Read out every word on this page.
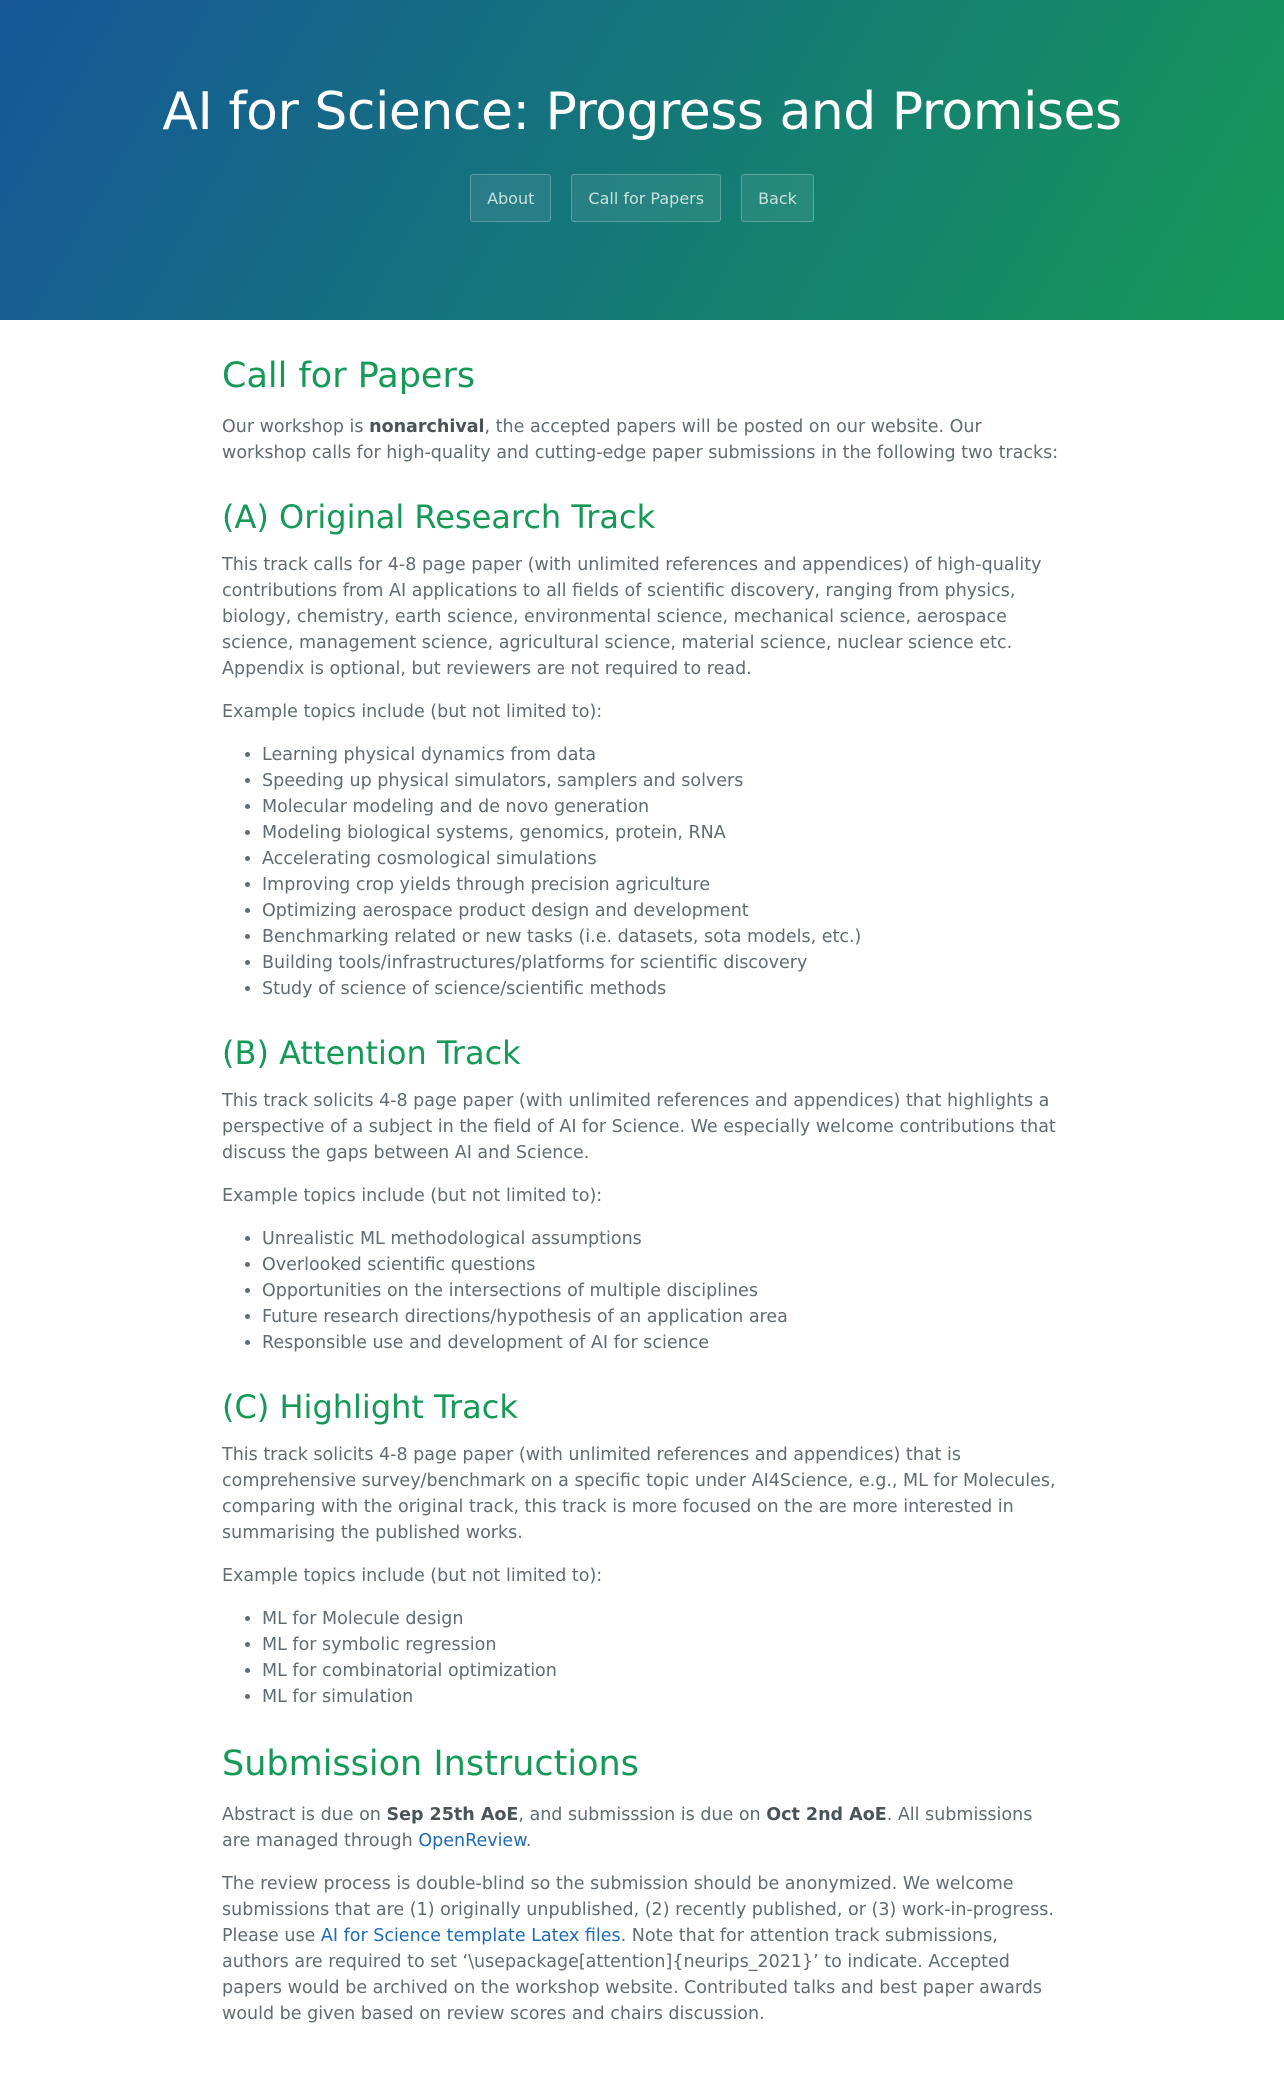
AI for Science: Progress and Promises
About	Call for Papers	Back
Call for Papers

Our workshop is nonarchival, the accepted papers will be posted on our website. Our workshop calls for high-quality and cutting-edge paper submissions in the following two tracks:

(A) Original Research Track

This track calls for 4-8 page paper (with unlimited references and appendices) of high-quality contributions from AI applications to all fields of scientific discovery, ranging from physics, biology, chemistry, earth science, environmental science, mechanical science, aerospace science, management science, agricultural science, material science, nuclear science etc. Appendix is optional, but reviewers are not required to read.

Example topics include (but not limited to):

• Learning physical dynamics from data
• Speeding up physical simulators, samplers and solvers
• Molecular modeling and de novo generation
• Modeling biological systems, genomics, protein, RNA
• Accelerating cosmological simulations
• Improving crop yields through precision agriculture
• Optimizing aerospace product design and development
• Benchmarking related or new tasks (i.e. datasets, sota models, etc.)
• Building tools/infrastructures/platforms for scientific discovery
• Study of science of science/scientific methods
(B) Attention Track

This track solicits 4-8 page paper (with unlimited references and appendices) that highlights a perspective of a subject in the field of AI for Science. We especially welcome contributions that discuss the gaps between AI and Science.

Example topics include (but not limited to):

• Unrealistic ML methodological assumptions
• Overlooked scientific questions
• Opportunities on the intersections of multiple disciplines
• Future research directions/hypothesis of an application area
• Responsible use and development of AI for science
(C) Highlight Track

This track solicits 4-8 page paper (with unlimited references and appendices) that is comprehensive survey/benchmark on a specific topic under AI4Science, e.g., ML for Molecules, comparing with the original track, this track is more focused on the are more interested in summarising the published works.

Example topics include (but not limited to):

• ML for Molecule design
• ML for symbolic regression
• ML for combinatorial optimization
• ML for simulation
Submission Instructions

Abstract is due on Sep 25th AoE, and submisssion is due on Oct 2nd AoE. All submissions are managed through OpenReview.

The review process is double-blind so the submission should be anonymized. We welcome submissions that are (1) originally unpublished, (2) recently published, or (3) work-in-progress. Please use AI for Science template Latex files. Note that for attention track submissions, authors are required to set ‘\usepackage[attention]{neurips_2021}’ to indicate. Accepted papers would be archived on the workshop website. Contributed talks and best paper awards would be given based on review scores and chairs discussion.
